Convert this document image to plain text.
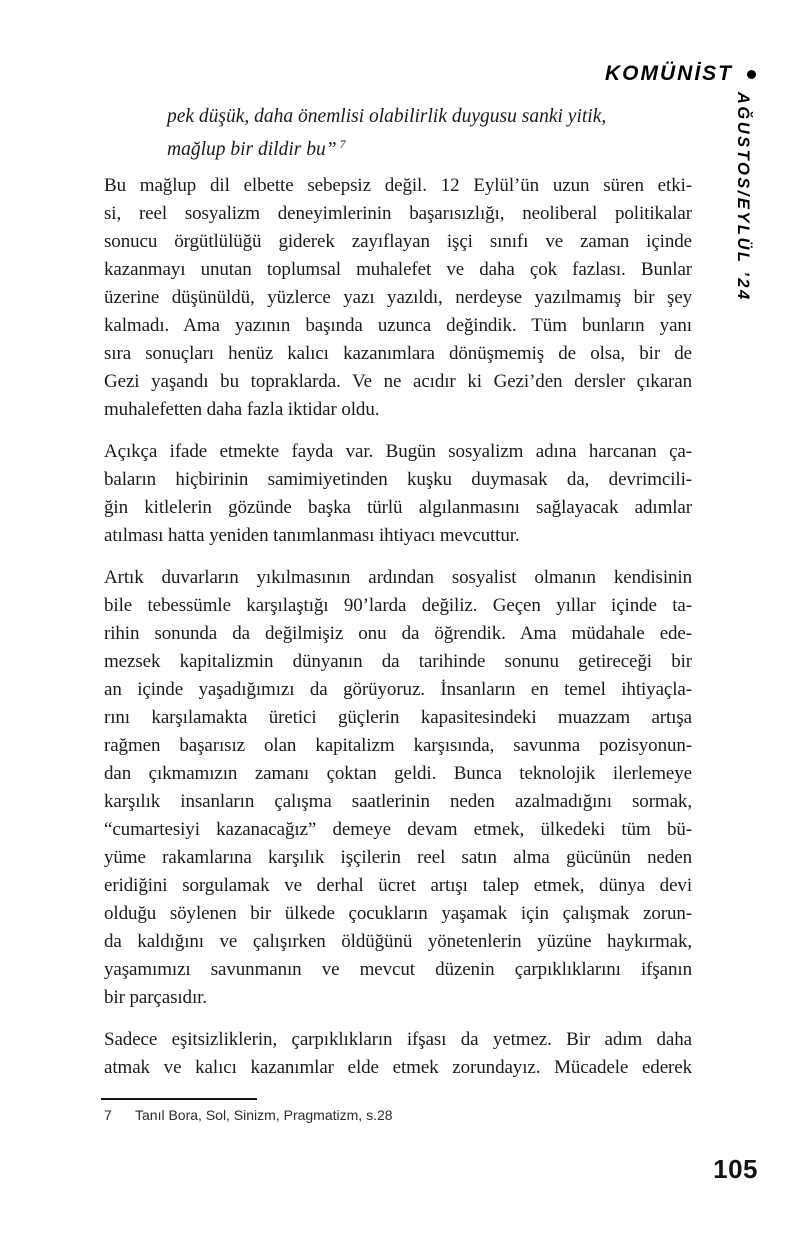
KOMÜNİST
AĞUSTOS/EYLÜL ’24
pek düşük, daha önemlisi olabilirlik duygusu sanki yitik,
mağlup bir dildir bu” $^7$
Bu mağlup dil elbette sebepsiz değil. 12 Eylül’ün uzun süren etki-
si, reel sosyalizm deneyimlerinin başarısızlığı, neoliberal politikalar
sonucu örgütlülüğü giderek zayıflayan işçi sınıfı ve zaman içinde
kazanmayı unutan toplumsal muhalefet ve daha çok fazlası. Bunlar
üzerine düşünüldü, yüzlerce yazı yazıldı, nerdeyse yazılmamış bir şey
kalmadı. Ama yazının başında uzunca değindik. Tüm bunların yanı
sıra sonuçları henüz kalıcı kazanımlara dönüşmemiş de olsa, bir de
Gezi yaşandı bu topraklarda. Ve ne acıdır ki Gezi’den dersler çıkaran
muhalefetten daha fazla iktidar oldu.
Açıkça ifade etmekte fayda var. Bugün sosyalizm adına harcanan ça-
baların hiçbirinin samimiyetinden kuşku duymasak da, devrimcili-
ğin kitlelerin gözünde başka türlü algılanmasını sağlayacak adımlar
atılması hatta yeniden tanımlanması ihtiyacı mevcuttur.
Artık duvarların yıkılmasının ardından sosyalist olmanın kendisinin
bile tebessümle karşılaştığı 90’larda değiliz. Geçen yıllar içinde ta-
rihin sonunda da değilmişiz onu da öğrendik. Ama müdahale ede-
mezsek kapitalizmin dünyanın da tarihinde sonunu getireceği bir
an içinde yaşadığımızı da görüyoruz. İnsanların en temel ihtiyaçla-
rını karşılamakta üretici güçlerin kapasitesindeki muazzam artışa
rağmen başarısız olan kapitalizm karşısında, savunma pozisyonun-
dan çıkmamızın zamanı çoktan geldi. Bunca teknolojik ilerlemeye
karşılık insanların çalışma saatlerinin neden azalmadığını sormak,
“cumartesiyi kazanacağız” demeye devam etmek, ülkedeki tüm bü-
yüme rakamlarına karşılık işçilerin reel satın alma gücünün neden
eridiğini sorgulamak ve derhal ücret artışı talep etmek, dünya devi
olduğu söylenen bir ülkede çocukların yaşamak için çalışmak zorun-
da kaldığını ve çalışırken öldüğünü yönetenlerin yüzüne haykırmak,
yaşamımızı savunmanın ve mevcut düzenin çarpıklıklarını ifşanın
bir parçasıdır.
Sadece eşitsizliklerin, çarpıklıkların ifşası da yetmez. Bir adım daha
atmak ve kalıcı kazanımlar elde etmek zorundayız. Mücadele ederek
7	Tanıl Bora, Sol, Sinizm, Pragmatizm, s.28
105
